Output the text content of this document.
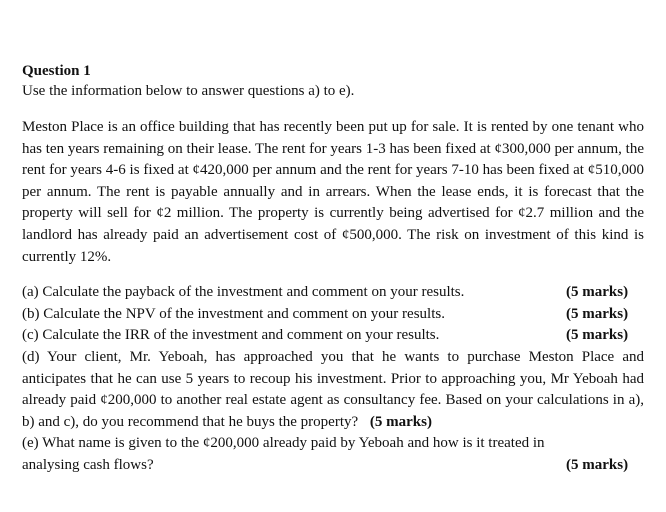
Question 1

Use the information below to answer questions a) to e).

Meston Place is an office building that has recently been put up for sale. It is rented by one tenant who has ten years remaining on their lease. The rent for years 1-3 has been fixed at ¢300,000 per annum, the rent for years 4-6 is fixed at ¢420,000 per annum and the rent for years 7-10 has been fixed at ¢510,000 per annum. The rent is payable annually and in arrears. When the lease ends, it is forecast that the property will sell for ¢2 million. The property is currently being advertised for ¢2.7 million and the landlord has already paid an advertisement cost of ¢500,000. The risk on investment of this kind is currently 12%.

(a) Calculate the payback of the investment and comment on your results.	(5 marks)
(b) Calculate the NPV of the investment and comment on your results.	(5 marks)
(c) Calculate the IRR of the investment and comment on your results.	(5 marks)
(d) Your client, Mr. Yeboah, has approached you that he wants to purchase Meston Place and anticipates that he can use 5 years to recoup his investment. Prior to approaching you, Mr Yeboah had already paid ¢200,000 to another real estate agent as consultancy fee. Based on your calculations in a), b) and c), do you recommend that he buys the property? (5 marks)
(e) What name is given to the ¢200,000 already paid by Yeboah and how is it treated in
analysing cash flows?	(5 marks)
